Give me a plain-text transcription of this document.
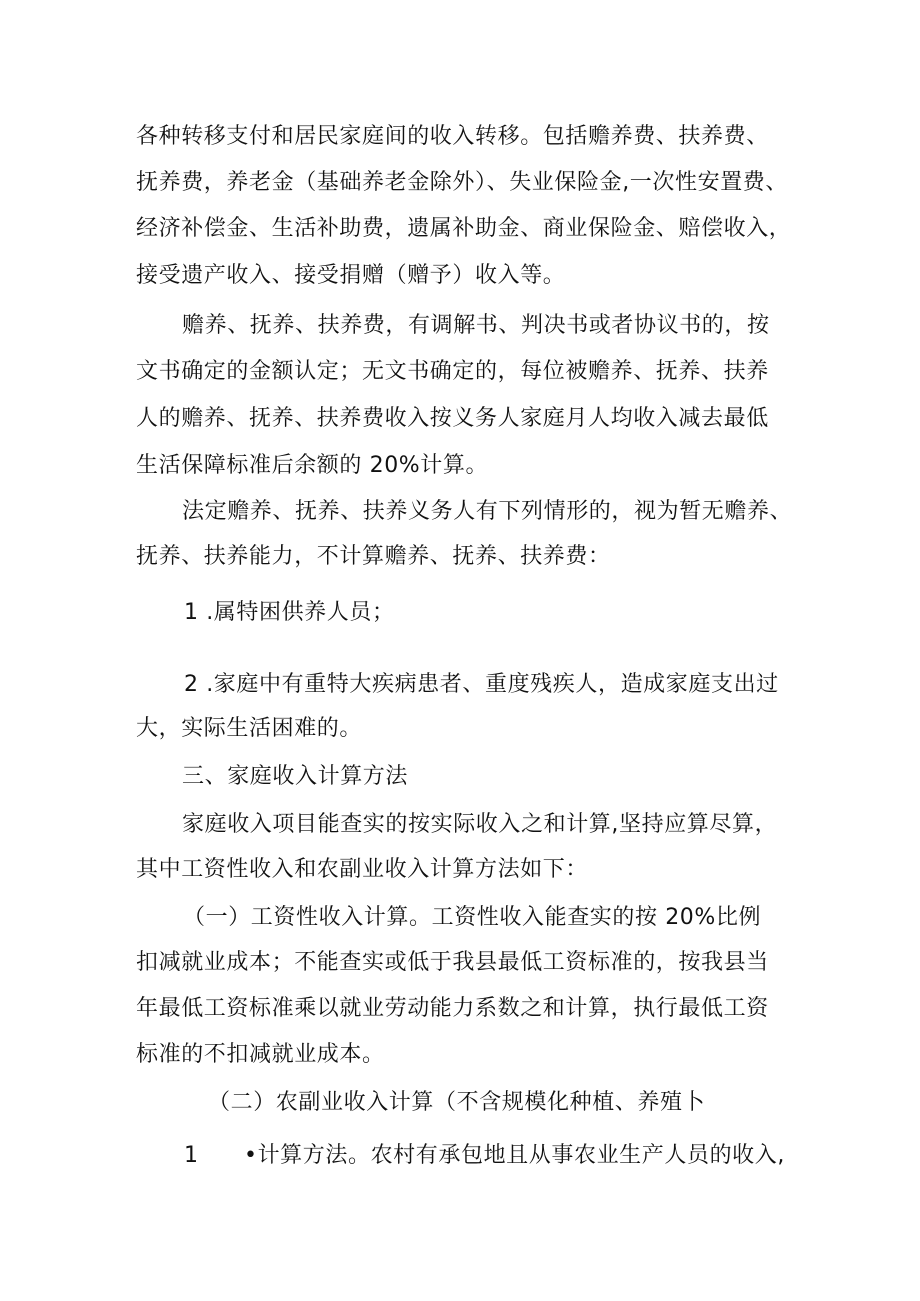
各种转移支付和居民家庭间的收入转移。包括赡养费、扶养费、
抚养费，养老金（基础养老金除外）、失业保险金,一次性安置费、
经济补偿金、生活补助费，遗属补助金、商业保险金、赔偿收入，
接受遗产收入、接受捐赠（赠予）收入等。
赡养、抚养、扶养费，有调解书、判决书或者协议书的，按
文书确定的金额认定；无文书确定的，每位被赡养、抚养、扶养
人的赡养、抚养、扶养费收入按义务人家庭月人均收入减去最低
生活保障标准后余额的 20%计算。
法定赡养、抚养、扶养义务人有下列情形的，视为暂无赡养、
抚养、扶养能力，不计算赡养、抚养、扶养费：
1 .属特困供养人员；
2 .家庭中有重特大疾病患者、重度残疾人，造成家庭支出过
大，实际生活困难的。
三、家庭收入计算方法
家庭收入项目能查实的按实际收入之和计算,坚持应算尽算，
其中工资性收入和农副业收入计算方法如下：
（一）工资性收入计算。工资性收入能查实的按 20%比例
扣减就业成本；不能查实或低于我县最低工资标准的，按我县当
年最低工资标准乘以就业劳动能力系数之和计算，执行最低工资
标准的不扣减就业成本。
（二）农副业收入计算（不含规模化种植、养殖卜
1 •计算方法。农村有承包地且从事农业生产人员的收入,
